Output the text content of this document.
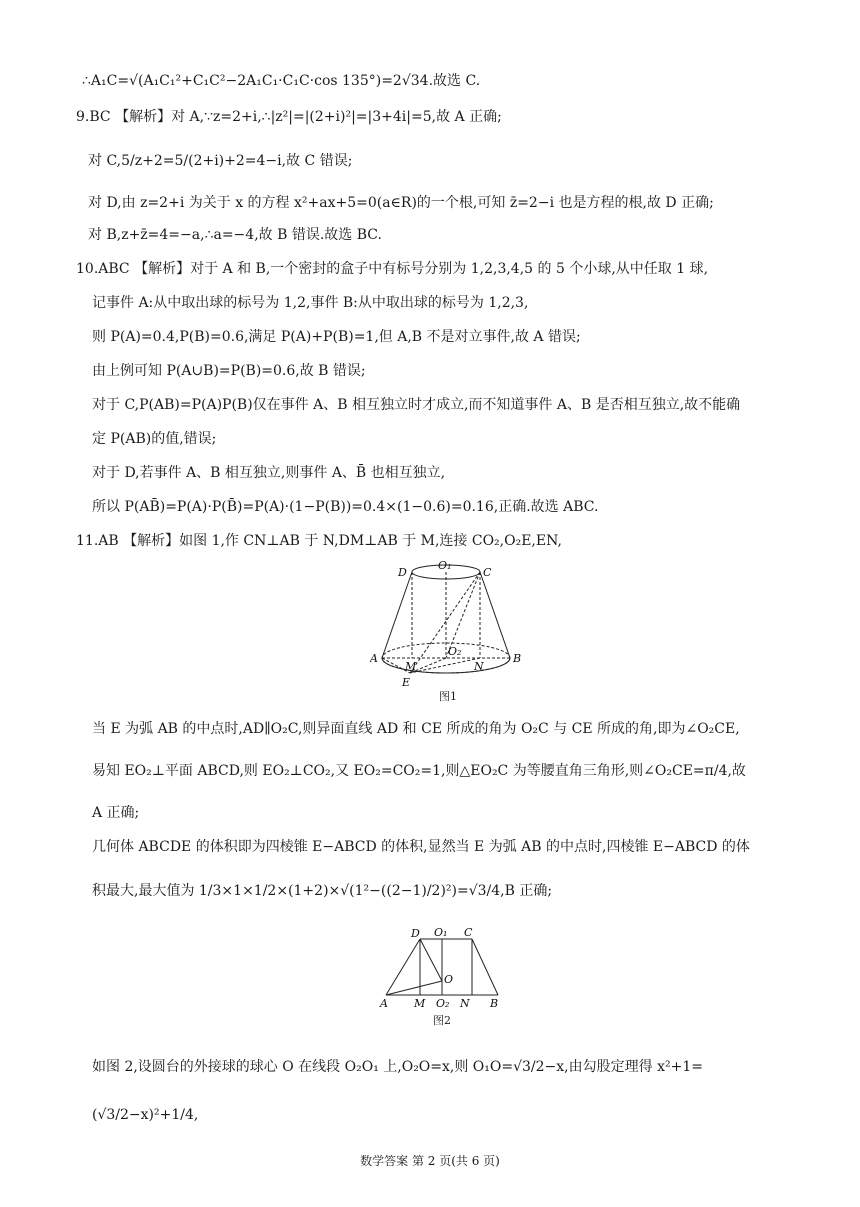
∴A₁C=√(A₁C₁²+C₁C²−2A₁C₁·C₁C·cos 135°)=2√34.故选 C.
9.BC 【解析】对 A,∵z=2+i,∴|z²|=|(2+i)²|=|3+4i|=5,故 A 正确;
对 C,5/z+2=5/(2+i)+2=4−i,故 C 错误;
对 D,由 z=2+i 为关于 x 的方程 x²+ax+5=0(a∈R)的一个根,可知 z̄=2−i 也是方程的根,故 D 正确;
对 B,z+z̄=4=−a,∴a=−4,故 B 错误.故选 BC.
10.ABC 【解析】对于 A 和 B,一个密封的盒子中有标号分别为 1,2,3,4,5 的 5 个小球,从中任取 1 球,
记事件 A:从中取出球的标号为 1,2,事件 B:从中取出球的标号为 1,2,3,
则 P(A)=0.4,P(B)=0.6,满足 P(A)+P(B)=1,但 A,B 不是对立事件,故 A 错误;
由上例可知 P(A∪B)=P(B)=0.6,故 B 错误;
对于 C,P(AB)=P(A)P(B)仅在事件 A、B 相互独立时才成立,而不知道事件 A、B 是否相互独立,故不能确
定 P(AB)的值,错误;
对于 D,若事件 A、B 相互独立,则事件 A、B̄ 也相互独立,
所以 P(AB̄)=P(A)·P(B̄)=P(A)·(1−P(B))=0.4×(1−0.6)=0.16,正确.故选 ABC.
11.AB 【解析】如图 1,作 CN⊥AB 于 N,DM⊥AB 于 M,连接 CO₂,O₂E,EN,
D
O₁
C
A
M
O₂
N
B
E
图1
当 E 为弧 AB 的中点时,AD∥O₂C,则异面直线 AD 和 CE 所成的角为 O₂C 与 CE 所成的角,即为∠O₂CE,
易知 EO₂⊥平面 ABCD,则 EO₂⊥CO₂,又 EO₂=CO₂=1,则△EO₂C 为等腰直角三角形,则∠O₂CE=π/4,故
A 正确;
几何体 ABCDE 的体积即为四棱锥 E−ABCD 的体积,显然当 E 为弧 AB 的中点时,四棱锥 E−ABCD 的体
积最大,最大值为 1/3×1×1/2×(1+2)×√(1²−((2−1)/2)²)=√3/4,B 正确;
D O₁ C
O
A M O₂ N B
图2
如图 2,设圆台的外接球的球心 O 在线段 O₂O₁ 上,O₂O=x,则 O₁O=√3/2−x,由勾股定理得 x²+1=
(√3/2−x)²+1/4,
数学答案 第 2 页(共 6 页)
